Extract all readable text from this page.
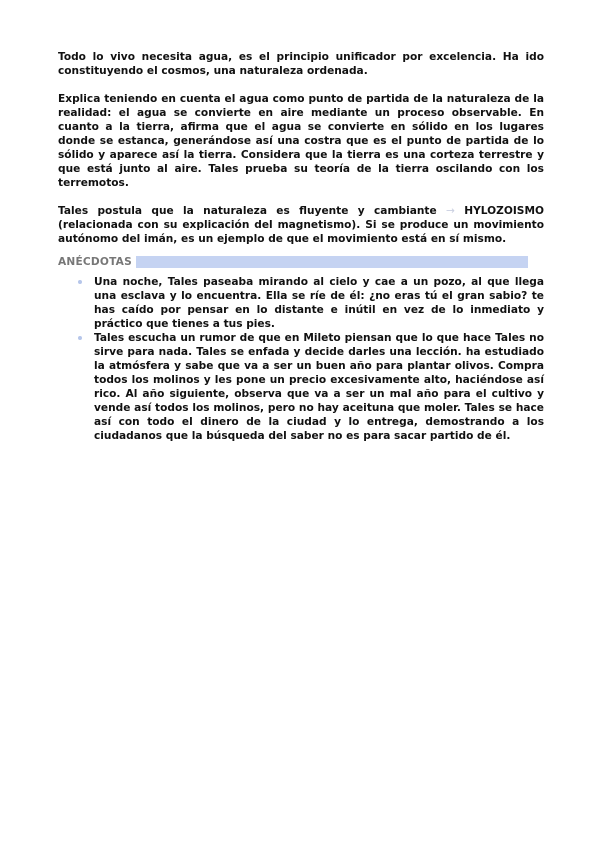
Todo lo vivo necesita agua, es el principio unificador por excelencia. Ha ido constituyendo el cosmos, una naturaleza ordenada.

Explica teniendo en cuenta el agua como punto de partida de la naturaleza de la realidad: el agua se convierte en aire mediante un proceso observable. En cuanto a la tierra, afirma que el agua se convierte en sólido en los lugares donde se estanca, generándose así una costra que es el punto de partida de lo sólido y aparece así la tierra. Considera que la tierra es una corteza terrestre y que está junto al aire. Tales prueba su teoría de la tierra oscilando con los terremotos.

Tales postula que la naturaleza es fluyente y cambiante → HYLOZOISMO (relacionada con su explicación del magnetismo). Si se produce un movimiento autónomo del imán, es un ejemplo de que el movimiento está en sí mismo.

ANÉCDOTAS
Una noche, Tales paseaba mirando al cielo y cae a un pozo, al que llega una esclava y lo encuentra. Ella se ríe de él: ¿no eras tú el gran sabio? te has caído por pensar en lo distante e inútil en vez de lo inmediato y práctico que tienes a tus pies.
Tales escucha un rumor de que en Mileto piensan que lo que hace Tales no sirve para nada. Tales se enfada y decide darles una lección. ha estudiado la atmósfera y sabe que va a ser un buen año para plantar olivos. Compra todos los molinos y les pone un precio excesivamente alto, haciéndose así rico. Al año siguiente, observa que va a ser un mal año para el cultivo y vende así todos los molinos, pero no hay aceituna que moler. Tales se hace así con todo el dinero de la ciudad y lo entrega, demostrando a los ciudadanos que la búsqueda del saber no es para sacar partido de él.
